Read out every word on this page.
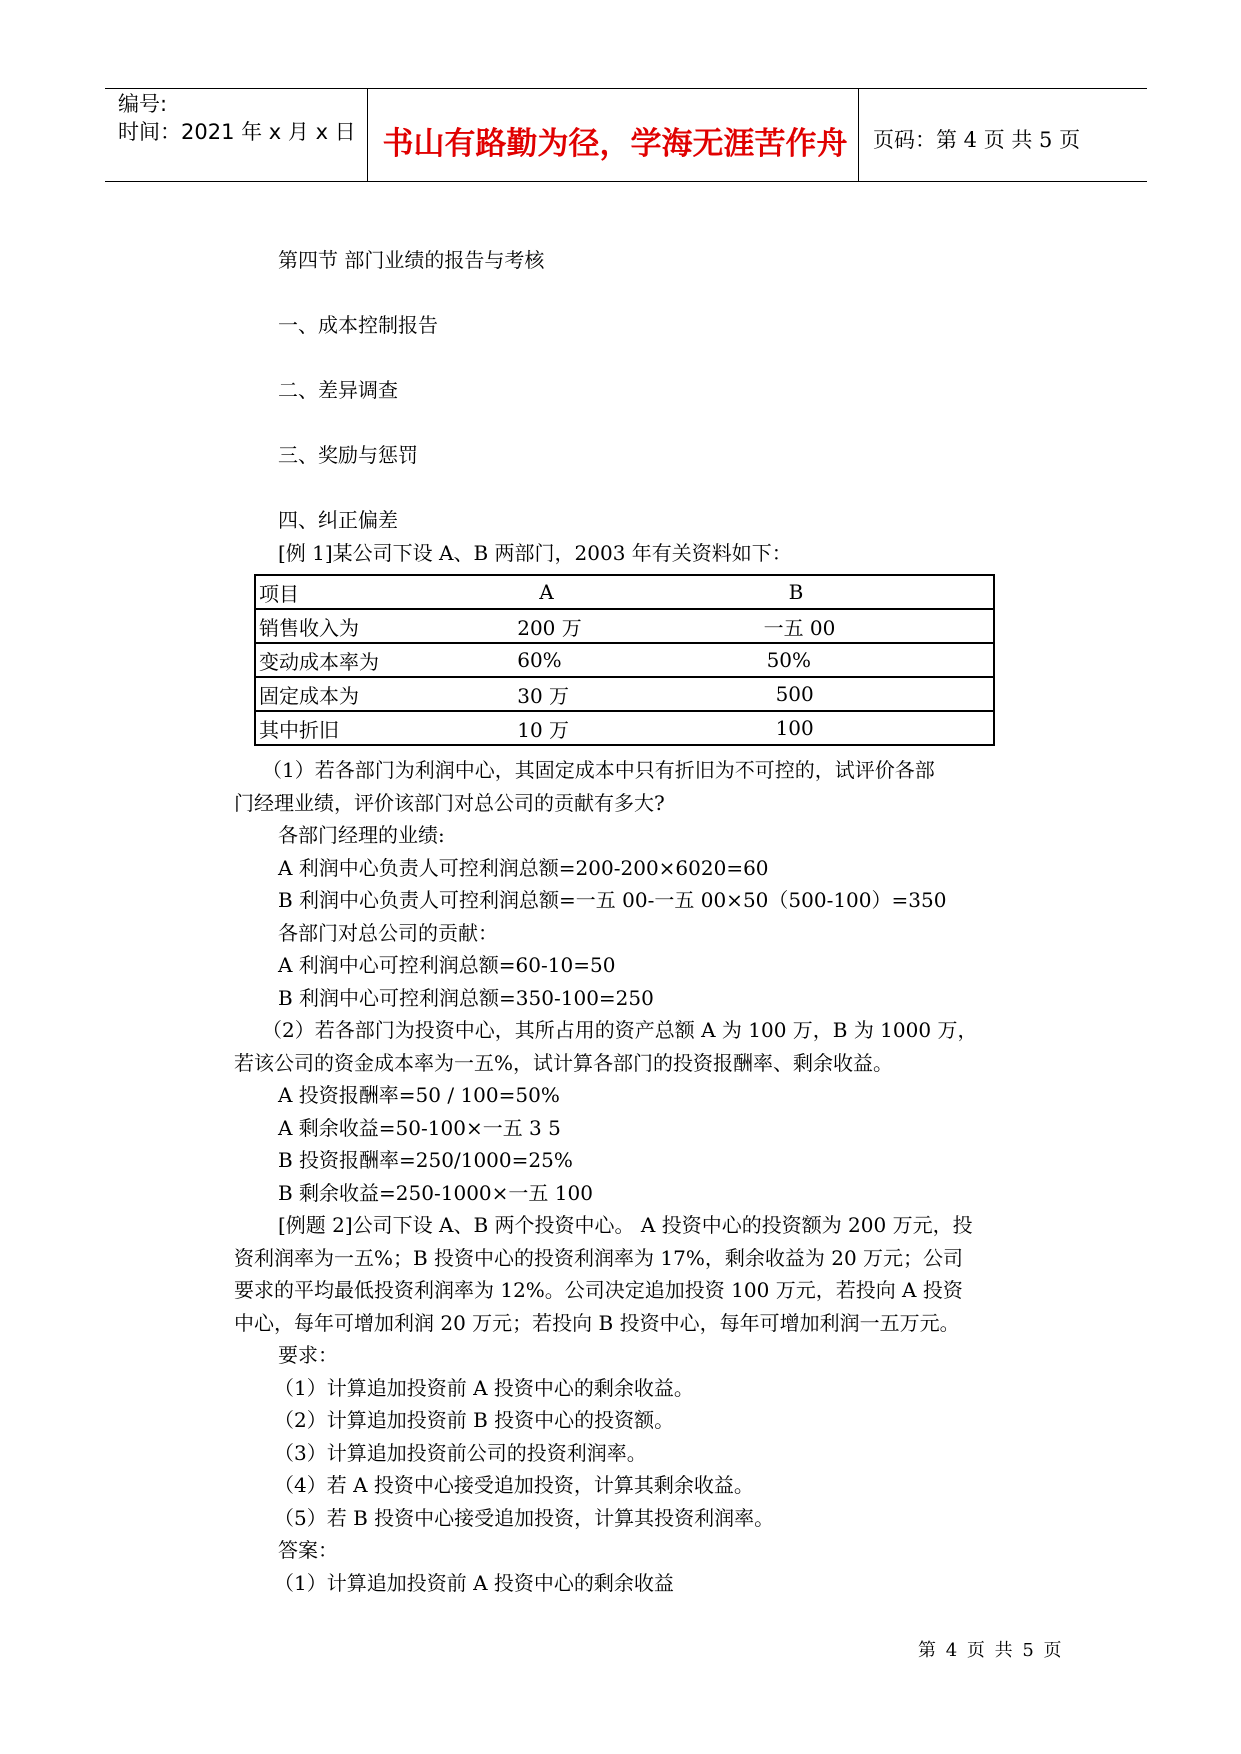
编号:
时间：2021 年 x 月 x 日 书山有路勤为径，学海无涯苦作舟	页码：第 4 页 共 5 页
第四节 部门业绩的报告与考核
一、成本控制报告
二、差异调查
三、奖励与惩罚
四、纠正偏差
[例 1]某公司下设 A、B 两部门，2003 年有关资料如下：
项目	A	B
销售收入为	200 万	一五 00
变动成本率为	60%	50%
固定成本为	30 万	500
其中折旧	10 万	100
（1）若各部门为利润中心，其固定成本中只有折旧为不可控的，试评价各部
门经理业绩，评价该部门对总公司的贡献有多大?
各部门经理的业绩:
A 利润中心负责人可控利润总额=200-200×6020=60
B 利润中心负责人可控利润总额=一五 00-一五 00×50（500-100）=350
各部门对总公司的贡献：
A 利润中心可控利润总额=60-10=50
B 利润中心可控利润总额=350-100=250
（2）若各部门为投资中心，其所占用的资产总额 A 为 100 万，B 为 1000 万，
若该公司的资金成本率为一五%，试计算各部门的投资报酬率、剩余收益。
A 投资报酬率=50 / 100=50%
A 剩余收益=50-100×一五 3 5
B 投资报酬率=250/1000=25%
B 剩余收益=250-1000×一五 100
[例题 2]公司下设 A、B 两个投资中心。 A 投资中心的投资额为 200 万元，投
资利润率为一五%；B 投资中心的投资利润率为 17%，剩余收益为 20 万元；公司
要求的平均最低投资利润率为 12%。公司决定追加投资 100 万元，若投向 A 投资
中心，每年可增加利润 20 万元；若投向 B 投资中心，每年可增加利润一五万元。
要求：
（1）计算追加投资前 A 投资中心的剩余收益。
（2）计算追加投资前 B 投资中心的投资额。
（3）计算追加投资前公司的投资利润率。
（4）若 A 投资中心接受追加投资，计算其剩余收益。
（5）若 B 投资中心接受追加投资，计算其投资利润率。
答案：
（1）计算追加投资前 A 投资中心的剩余收益
第 4 页 共 5 页
